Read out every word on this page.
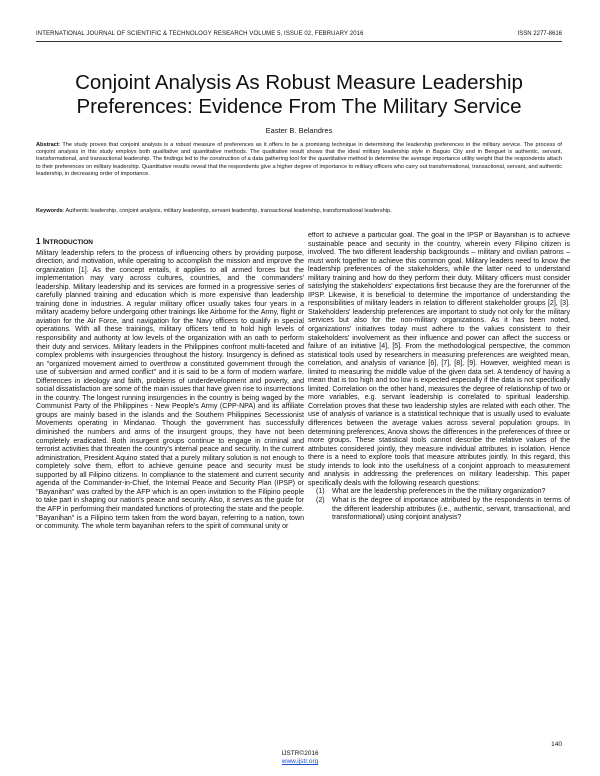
INTERNATIONAL JOURNAL OF SCIENTIFIC & TECHNOLOGY RESEARCH VOLUME 5, ISSUE 02, FEBRUARY 2016	ISSN 2277-8616
Conjoint Analysis As Robust Measure Leadership Preferences: Evidence From The Military Service
Easter B. Belandres
Abstract: The study proves that conjoint analysis is a robust measure of preferences as it offers to be a promising technique in determining the leadership preferences in the military service. The process of conjoint analysis in this study employs both qualitative and quantitative methods. The qualitative result shows that the ideal military leadership style in Baguio City and in Benguet is authentic, servant, transformational, and transactional leadership. The findings led to the construction of a data gathering tool for the quantitative method to determine the average importance utility weight that the respondents attach to their preferences on military leadership. Quantitative results reveal that the respondents give a higher degree of importance to military officers who carry out transformational, transactional, servant, and authentic leadership, in decreasing order of importance.
Keywords: Authentic leadership, conjoint analysis, military leadership, servant leadership, transactional leadership, transformational leadership.
1 INTRODUCTION

Military leadership refers to the process of influencing others by providing purpose, direction, and motivation, while operating to accomplish the mission and improve the organization [1]. As the concept entails, it applies to all armed forces but the implementation may vary across cultures, countries, and the commanders' leadership. Military leadership and its services are formed in a progressive series of carefully planned training and education which is more expensive than leadership training done in industries. A regular military officer usually takes four years in a military academy before undergoing other trainings like Airborne for the Army, flight or aviation for the Air Force, and navigation for the Navy officers to qualify in special operations. With all these trainings, military officers tend to hold high levels of responsibility and authority at low levels of the organization with an oath to perform their duty and services. Military leaders in the Philippines confront multi-faceted and complex problems with insurgencies throughout the history. Insurgency is defined as an "organized movement aimed to overthrow a constituted government through the use of subversion and armed conflict" and it is said to be a form of modern warfare. Differences in ideology and faith, problems of underdevelopment and poverty, and social dissatisfaction are some of the main issues that have given rise to insurrections in the country. The longest running insurgencies in the country is being waged by the Communist Party of the Philippines - New People's Army (CPP-NPA) and its affiliate groups are mainly based in the islands and the Southern Philippines Secessionist Movements operating in Mindanao. Though the government has successfully diminished the numbers and arms of the insurgent groups, they have not been completely eradicated. Both insurgent groups continue to engage in criminal and terrorist activities that threaten the country's internal peace and security. In the current administration, President Aquino stated that a purely military solution is not enough to completely solve them, effort to achieve genuine peace and security must be supported by all Filipino citizens. In compliance to the statement and current security agenda of the Commander-in-Chief, the Internal Peace and Security Plan (IPSP) or "Bayanihan" was crafted by the AFP which is an open invitation to the Filipino people to take part in shaping our nation's peace and security. Also, it serves as the guide for the AFP in performing their mandated functions of protecting the state and the people. "Bayanihan" is a Filipino term taken from the word bayan, referring to a nation, town or community. The whole term bayanihan refers to the spirit of communal unity or

effort to achieve a particular goal. The goal in the IPSP or Bayanihan is to achieve sustainable peace and security in the country, wherein every Filipino citizen is involved. The two different leadership backgrounds – military and civilian patrons – must work together to achieve this common goal. Military leaders need to know the leadership preferences of the stakeholders, while the latter need to understand military training and how do they perform their duty. Military officers must consider satisfying the stakeholders' expectations first because they are the forerunner of the IPSP. Likewise, it is beneficial to determine the importance of understanding the responsibilities of military leaders in relation to different stakeholder groups [2], [3]. Stakeholders' leadership preferences are important to study not only for the military services but also for the non-military organizations. As it has been noted, organizations' initiatives today must adhere to the values consistent to their stakeholders' involvement as their influence and power can affect the success or failure of an initiative [4], [5]. From the methodological perspective, the common statistical tools used by researchers in measuring preferences are weighted mean, correlation, and analysis of variance [6], [7], [8], [9]. However, weighted mean is limited to measuring the middle value of the given data set. A tendency of having a mean that is too high and too low is expected especially if the data is not specifically limited. Correlation on the other hand, measures the degree of relationship of two or more variables, e.g. servant leadership is correlated to spiritual leadership. Correlation proves that these two leadership styles are related with each other. The use of analysis of variance is a statistical technique that is usually used to evaluate differences between the average values across several population groups. In determining preferences, Anova shows the differences in the preferences of three or more groups. These statistical tools cannot describe the relative values of the attributes considered jointly, they measure individual attributes in isolation. Hence there is a need to explore tools that measure attributes jointly. In this regard, this study intends to look into the usefulness of a conjoint approach to measurement and analysis in addressing the preferences on military leadership. This paper specifically deals with the following research questions:

(1) What are the leadership preferences in the the military organization?
(2) What is the degree of importance attributed by the respondents in terms of the different leadership attributes (i.e., authentic, servant, transactional, and transformational) using conjoint analysis?
140
IJSTR©2016
www.ijstr.org
